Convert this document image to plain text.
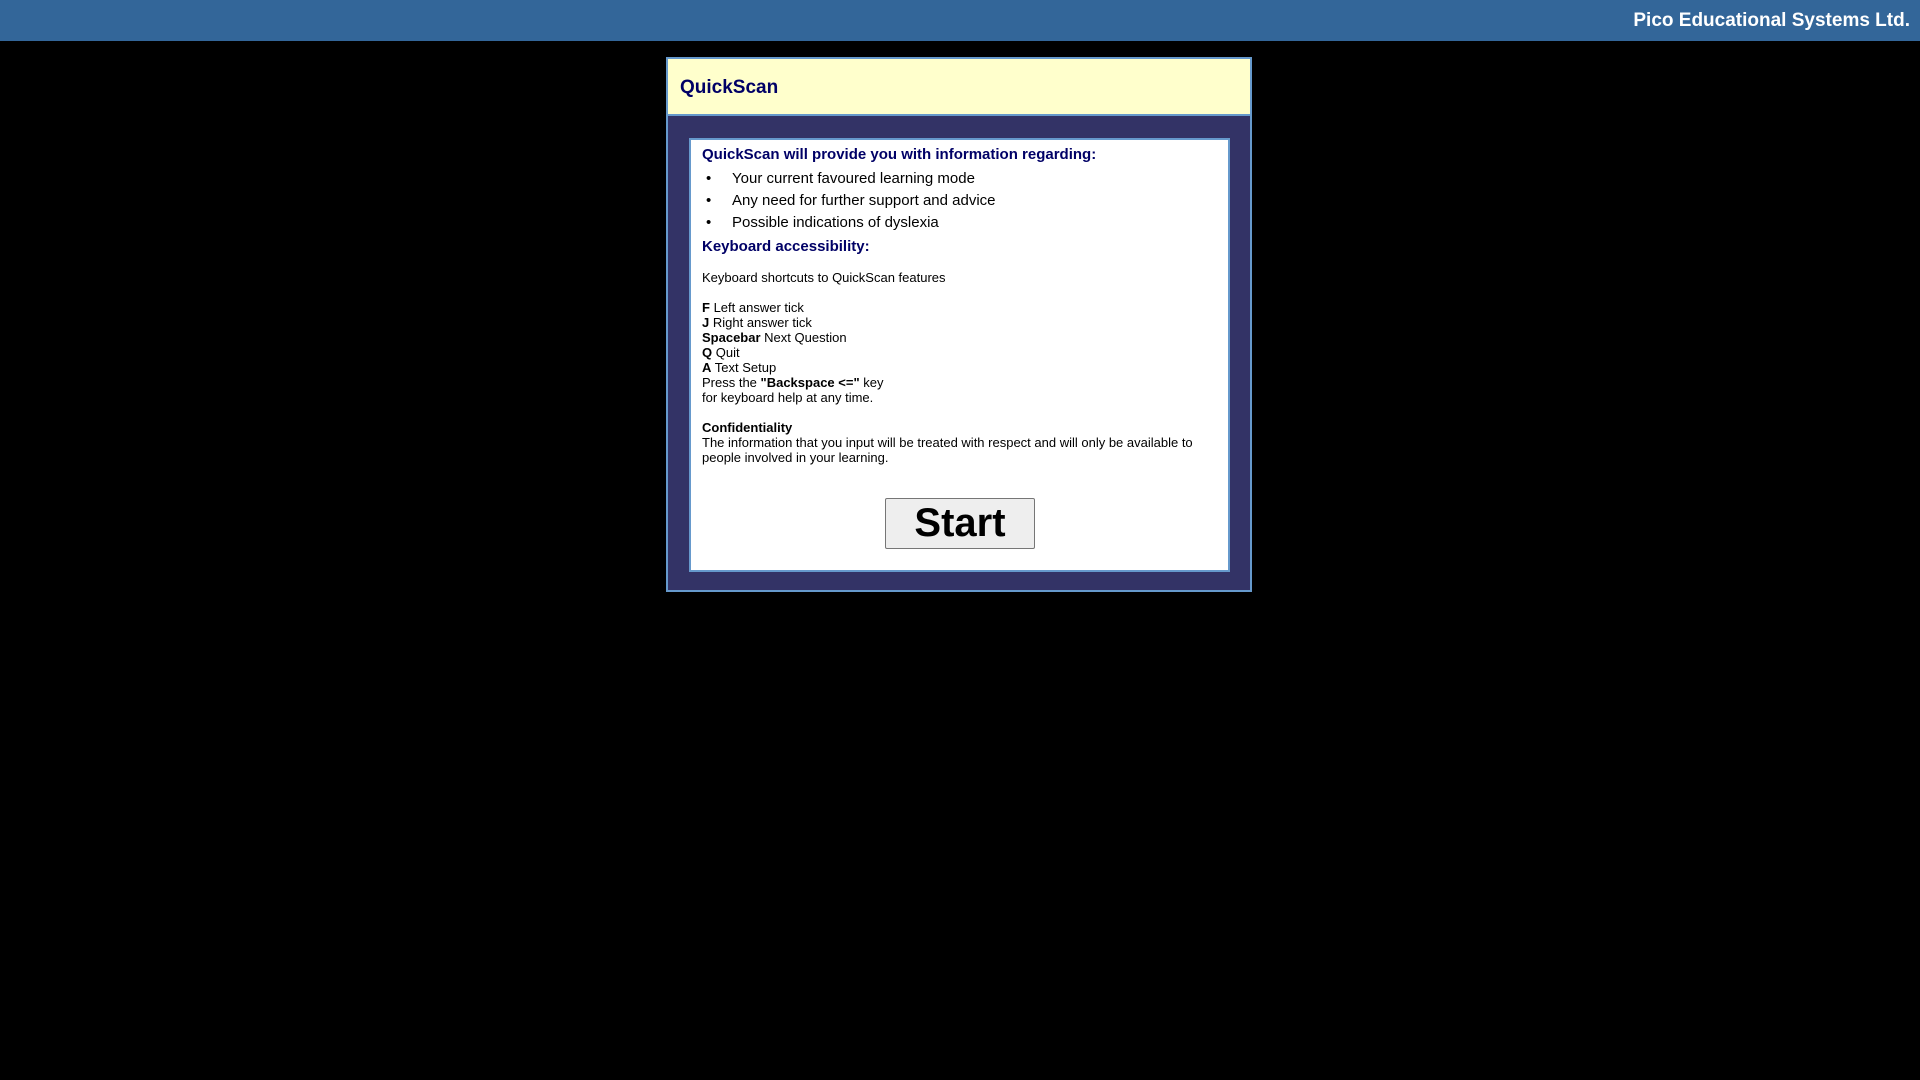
Pico Educational Systems Ltd.
QuickScan
QuickScan will provide you with information regarding:
• Your current favoured learning mode
• Any need for further support and advice
• Possible indications of dyslexia
Keyboard accessibility:
Keyboard shortcuts to QuickScan features
F Left answer tick
J Right answer tick
Spacebar Next Question
Q Quit
A Text Setup
Press the "Backspace <=" key
for keyboard help at any time.
Confidentiality
The information that you input will be treated with respect and will only be available to people involved in your learning.
Start
